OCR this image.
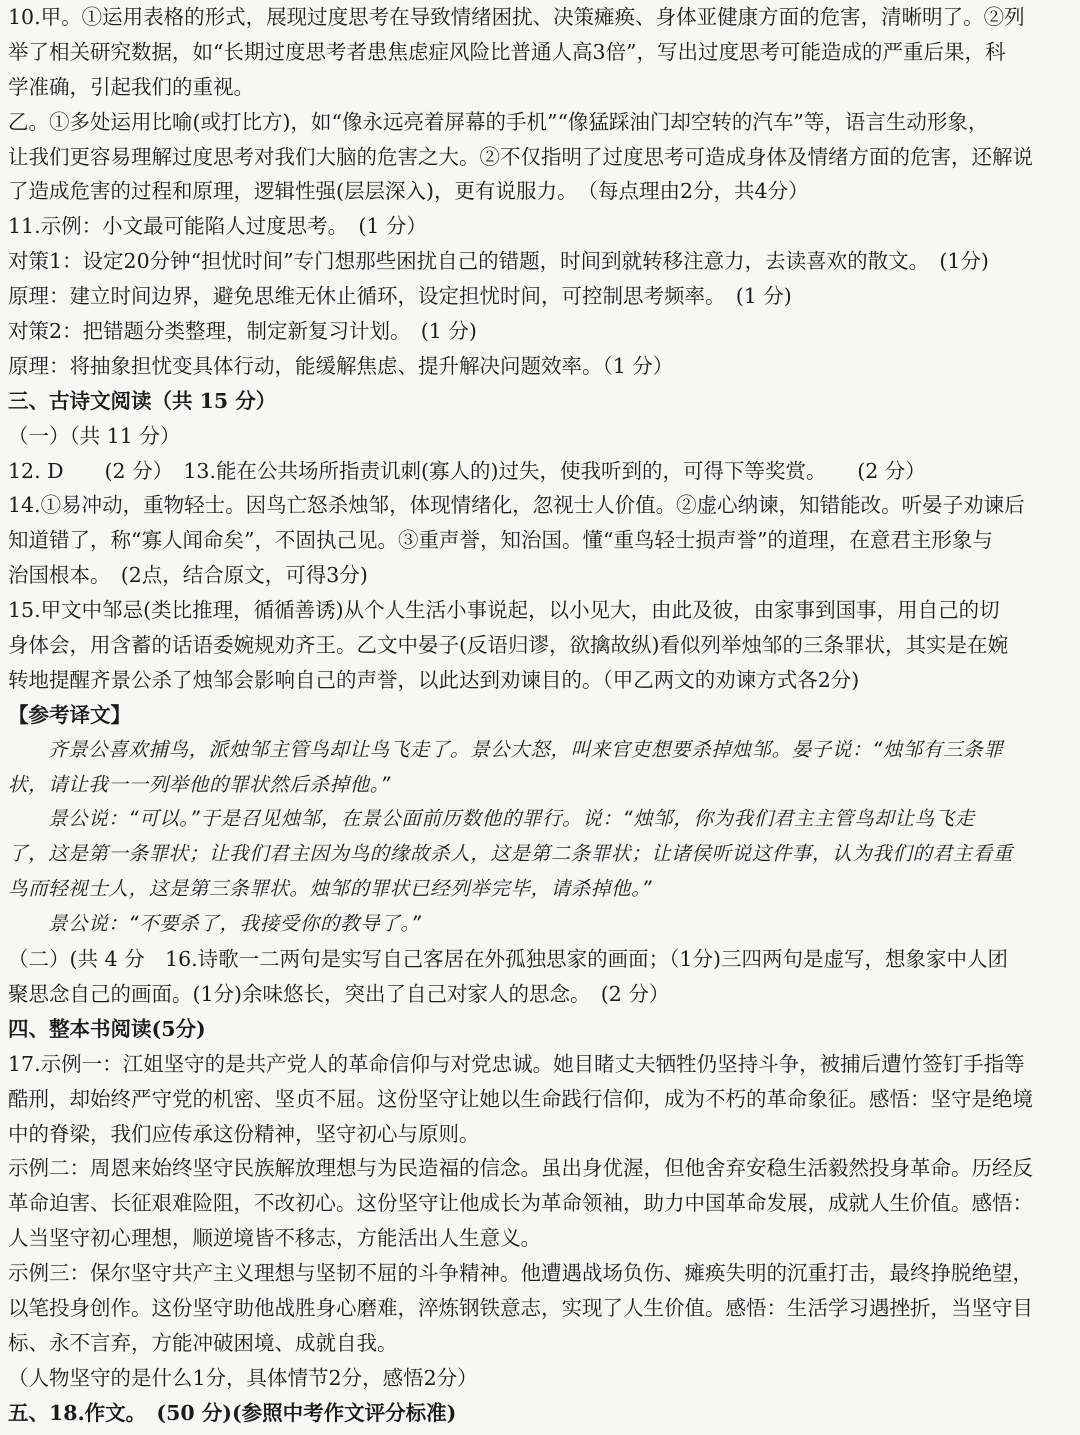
10.甲。①运用表格的形式，展现过度思考在导致情绪困扰、决策瘫痪、身体亚健康方面的危害，清晰明了。②列
举了相关研究数据，如“长期过度思考者患焦虑症风险比普通人高3倍”，写出过度思考可能造成的严重后果，科
学准确，引起我们的重视。
乙。①多处运用比喻(或打比方)，如“像永远亮着屏幕的手机”“像猛踩油门却空转的汽车”等，语言生动形象，
让我们更容易理解过度思考对我们大脑的危害之大。②不仅指明了过度思考可造成身体及情绪方面的危害，还解说
了造成危害的过程和原理，逻辑性强(层层深入)，更有说服力。　（每点理由2分，共4分）
11.示例：小文最可能陷人过度思考。　(1 分）
对策1：设定20分钟“担忧时间”专门想那些困扰自己的错题，时间到就转移注意力，去读喜欢的散文。　(1分)
原理：建立时间边界，避免思维无休止循环，设定担忧时间，可控制思考频率。　(1 分)
对策2：把错题分类整理，制定新复习计划。　(1 分)
原理：将抽象担忧变具体行动，能缓解焦虑、提升解决问题效率。（1 分）
三、古诗文阅读（共 15 分）
（一）（共 11 分）
12. D　　(2 分）　13.能在公共场所指责讥刺(寡人的)过失，使我听到的，可得下等奖赏。　　(2 分）
14.①易冲动，重物轻士。因鸟亡怒杀烛邹，体现情绪化，忽视士人价值。②虚心纳谏，知错能改。听晏子劝谏后
知道错了，称“寡人闻命矣”，不固执己见。③重声誉，知治国。懂“重鸟轻士损声誉”的道理，在意君主形象与
治国根本。　(2点，结合原文，可得3分)
15.甲文中邹忌(类比推理，循循善诱)从个人生活小事说起，以小见大，由此及彼，由家事到国事，用自己的切
身体会，用含蓄的话语委婉规劝齐王。乙文中晏子(反语归谬，欲擒故纵)看似列举烛邹的三条罪状，其实是在婉
转地提醒齐景公杀了烛邹会影响自己的声誉，以此达到劝谏目的。（甲乙两文的劝谏方式各2分)
【参考译文】
齐景公喜欢捕鸟，派烛邹主管鸟却让鸟飞走了。景公大怒，叫来官吏想要杀掉烛邹。晏子说：“烛邹有三条罪
状，请让我一一列举他的罪状然后杀掉他。”
景公说：“可以。”于是召见烛邹，在景公面前历数他的罪行。说：“烛邹，你为我们君主主管鸟却让鸟飞走
了，这是第一条罪状；让我们君主因为鸟的缘故杀人，这是第二条罪状；让诸侯听说这件事，认为我们的君主看重
鸟而轻视士人，这是第三条罪状。烛邹的罪状已经列举完毕，请杀掉他。”
景公说：“不要杀了，我接受你的教导了。”
（二）(共 4 分　16.诗歌一二两句是实写自己客居在外孤独思家的画面；（1分)三四两句是虚写，想象家中人团
聚思念自己的画面。(1分)余味悠长，突出了自己对家人的思念。　(2 分）
四、整本书阅读(5分)
17.示例一：江姐坚守的是共产党人的革命信仰与对党忠诚。她目睹丈夫牺牲仍坚持斗争，被捕后遭竹签钉手指等
酷刑，却始终严守党的机密、坚贞不屈。这份坚守让她以生命践行信仰，成为不朽的革命象征。感悟：坚守是绝境
中的脊梁，我们应传承这份精神，坚守初心与原则。
示例二：周恩来始终坚守民族解放理想与为民造福的信念。虽出身优渥，但他舍弃安稳生活毅然投身革命。历经反
革命迫害、长征艰难险阻，不改初心。这份坚守让他成长为革命领袖，助力中国革命发展，成就人生价值。感悟：
人当坚守初心理想，顺逆境皆不移志，方能活出人生意义。
示例三：保尔坚守共产主义理想与坚韧不屈的斗争精神。他遭遇战场负伤、瘫痪失明的沉重打击，最终挣脱绝望，
以笔投身创作。这份坚守助他战胜身心磨难，淬炼钢铁意志，实现了人生价值。感悟：生活学习遇挫折，当坚守目
标、永不言弃，方能冲破困境、成就自我。
（人物坚守的是什么1分，具体情节2分，感悟2分）
五、18.作文。　(50 分)(参照中考作文评分标准)
